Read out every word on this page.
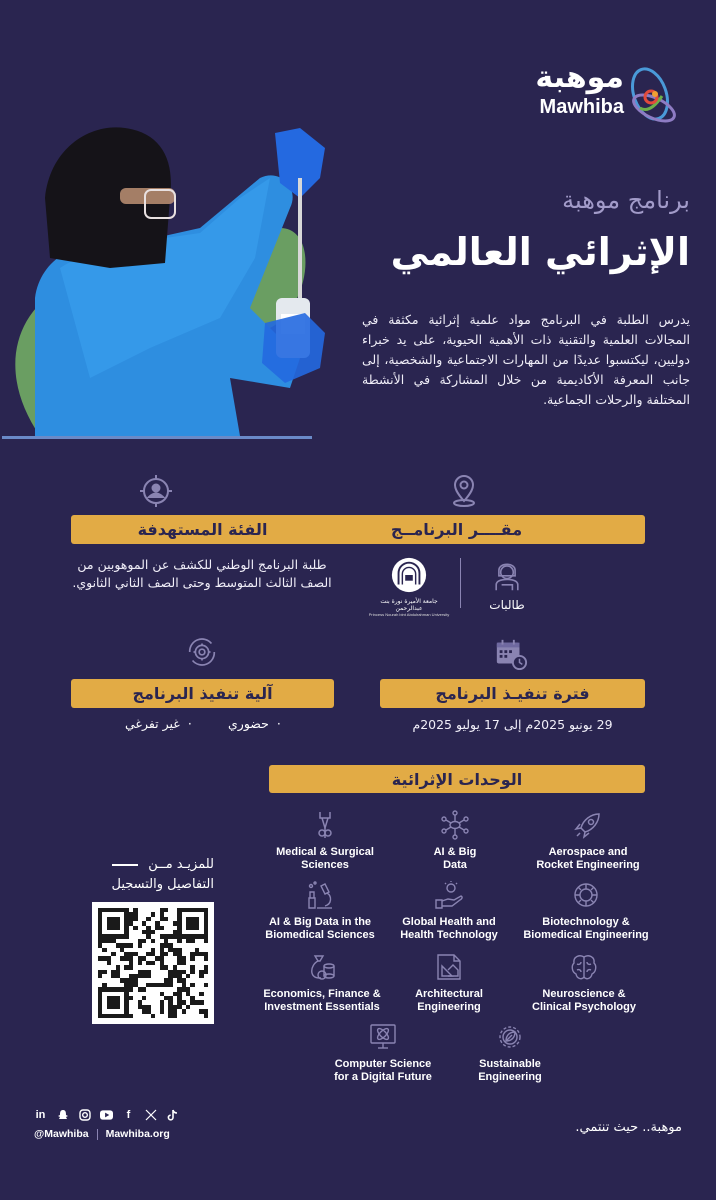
موهبة
Mawhiba
برنامج موهبة
الإثرائي العالمي
يدرس الطلبة في البرنامج مواد علمية إثرائية مكثفة في المجالات العلمية والتقنية ذات الأهمية الحيوية، على يد خبراء دوليين، ليكتسبوا عديدًا من المهارات الاجتماعية والشخصية، إلى جانب المعرفة الأكاديمية من خلال المشاركة في الأنشطة المختلفة والرحلات الجماعية.
الفئة المستهدفة
طلبة البرنامج الوطني للكشف عن الموهوبين من الصف الثالث المتوسط وحتى الصف الثاني الثانوي.
مقــــر البرنامــج
طالبات
جامعة الأميرة نورة بنت عبدالرحمن
Princess Nourah bint Abdulrahman University
آلية تنفيذ البرنامج
·غير تفرغي	·حضوري
فترة تنفيـذ البرنامج
29 يونيو 2025م إلى 17 يوليو 2025م
الوحدات الإثرائية
Medical & Surgical
Sciences
AI & Big
Data
Aerospace and
Rocket Engineering
AI & Big Data in the
Biomedical Sciences
Global Health and
Health Technology
Biotechnology &
Biomedical Engineering
Economics, Finance &
Investment Essentials
Architectural
Engineering
Neuroscience &
Clinical Psychology
Computer Science
for a Digital Future
Sustainable
Engineering
للمزيـد مــن
التفاصيل والتسجيل
in	f
@Mawhiba Mawhiba.org	موهبة.. حيث تنتمي.
